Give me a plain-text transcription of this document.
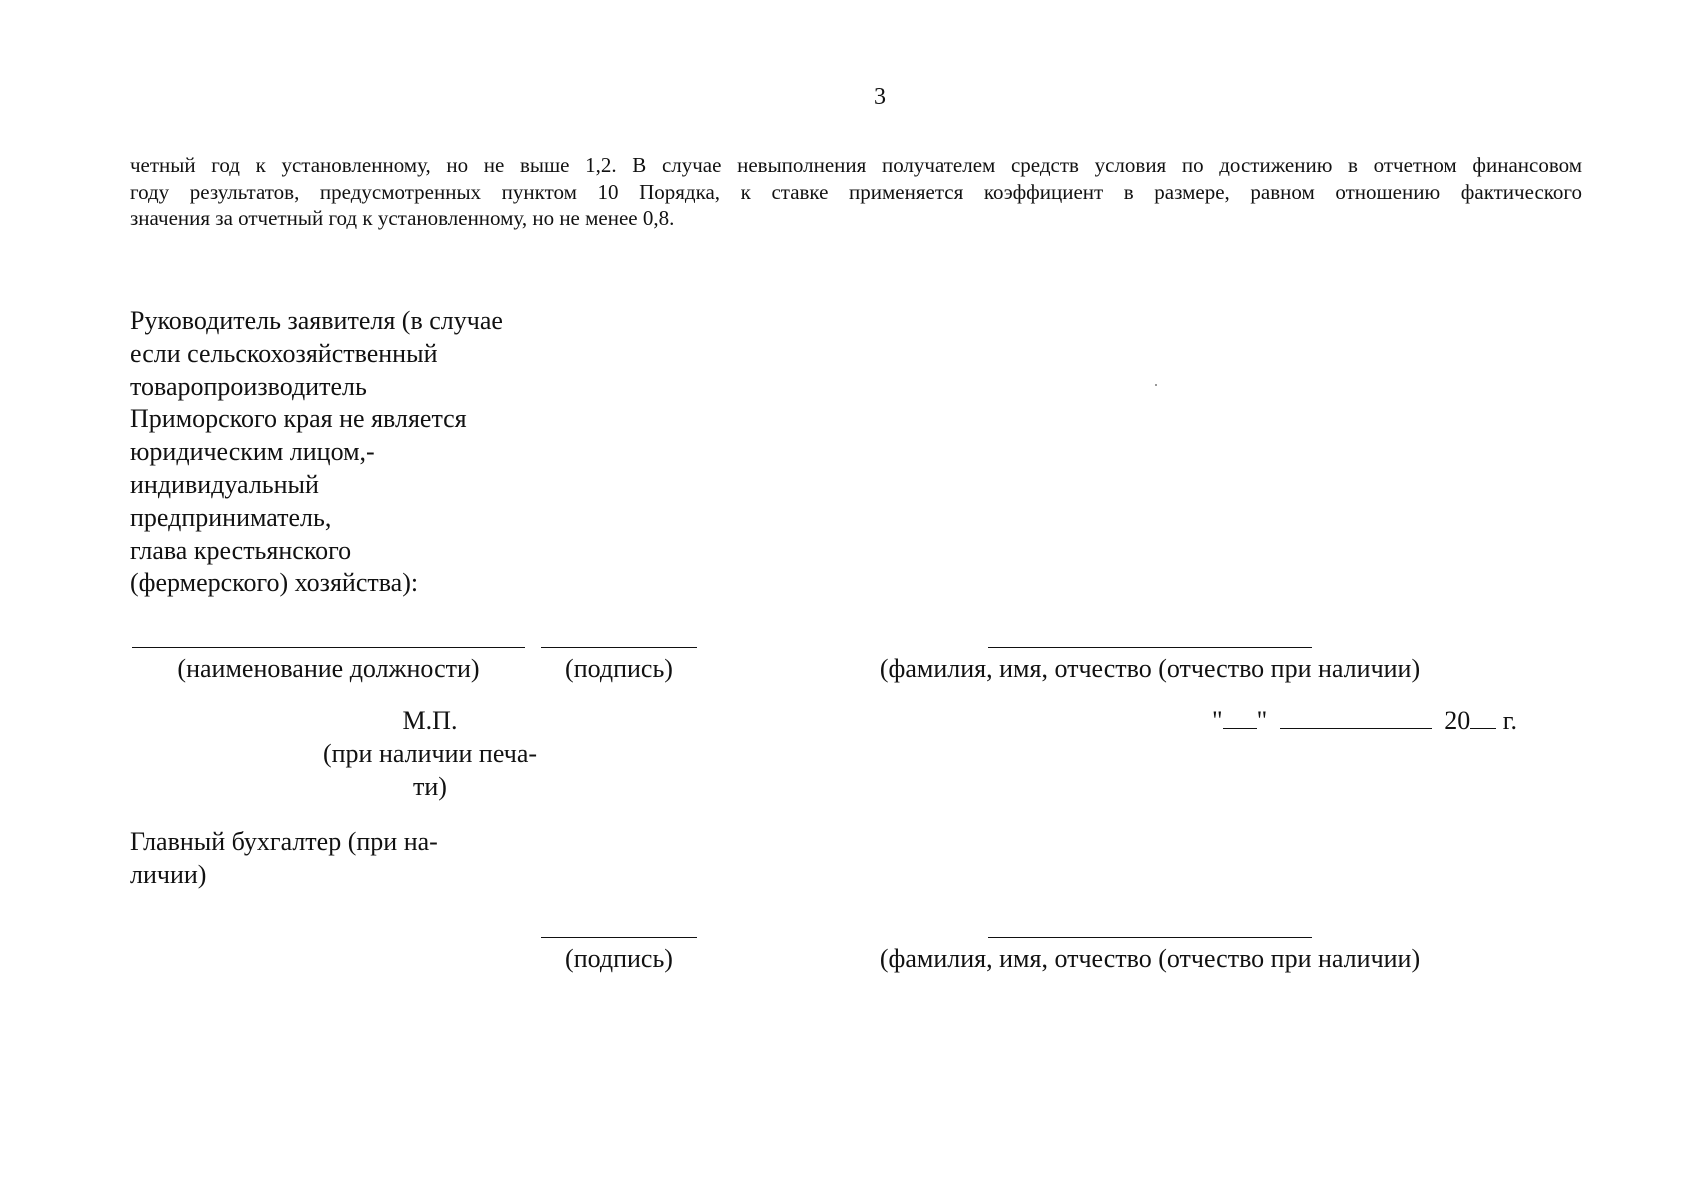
3
четный год к установленному, но не выше 1,2. В случае невыполнения получателем средств условия по достижению в отчетном финансовом
году результатов, предусмотренных пунктом 10 Порядка, к ставке применяется коэффициент в размере, равном отношению фактического
значения за отчетный год к установленному, но не менее 0,8.
Руководитель заявителя (в случае
если сельскохозяйственный
товаропроизводитель
Приморского края не является
юридическим лицом,-
индивидуальный
предприниматель,
глава крестьянского
(фермерского) хозяйства):
(наименование должности)	(подпись)	(фамилия, имя, отчество (отчество при наличии)
М.П.
(при наличии печа-
ти)
" "	20 г.
Главный бухгалтер (при на-
личии)
(подпись)	(фамилия, имя, отчество (отчество при наличии)
